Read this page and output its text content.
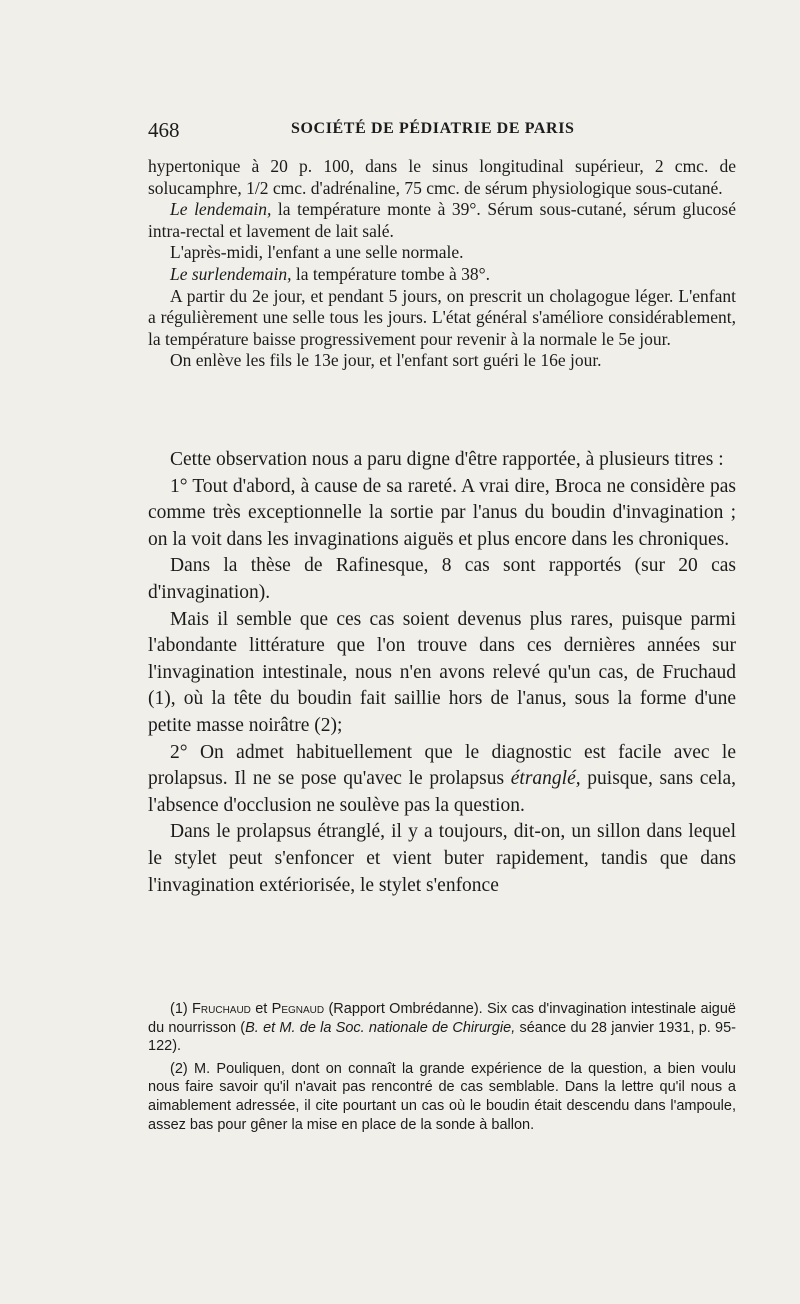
468	SOCIÉTÉ DE PÉDIATRIE DE PARIS

hypertonique à 20 p. 100, dans le sinus longitudinal supérieur, 2 cmc. de solucamphre, 1/2 cmc. d'adrénaline, 75 cmc. de sérum physiologique sous-cutané.

Le lendemain, la température monte à 39°. Sérum sous-cutané, sérum glucosé intra-rectal et lavement de lait salé.

L'après-midi, l'enfant a une selle normale.

Le surlendemain, la température tombe à 38°.

A partir du 2e jour, et pendant 5 jours, on prescrit un cholagogue léger. L'enfant a régulièrement une selle tous les jours. L'état général s'améliore considérablement, la température baisse progressivement pour revenir à la normale le 5e jour.

On enlève les fils le 13e jour, et l'enfant sort guéri le 16e jour.

Cette observation nous a paru digne d'être rapportée, à plusieurs titres :

1° Tout d'abord, à cause de sa rareté. A vrai dire, Broca ne considère pas comme très exceptionnelle la sortie par l'anus du boudin d'invagination ; on la voit dans les invaginations aiguës et plus encore dans les chroniques.

Dans la thèse de Rafinesque, 8 cas sont rapportés (sur 20 cas d'invagination).

Mais il semble que ces cas soient devenus plus rares, puisque parmi l'abondante littérature que l'on trouve dans ces dernières années sur l'invagination intestinale, nous n'en avons relevé qu'un cas, de Fruchaud (1), où la tête du boudin fait saillie hors de l'anus, sous la forme d'une petite masse noirâtre (2);

2° On admet habituellement que le diagnostic est facile avec le prolapsus. Il ne se pose qu'avec le prolapsus étranglé, puisque, sans cela, l'absence d'occlusion ne soulève pas la question.

Dans le prolapsus étranglé, il y a toujours, dit-on, un sillon dans lequel le stylet peut s'enfoncer et vient buter rapidement, tandis que dans l'invagination extériorisée, le stylet s'enfonce

(1) Fruchaud et Pegnaud (Rapport Ombrédanne). Six cas d'invagination intestinale aiguë du nourrisson (B. et M. de la Soc. nationale de Chirurgie, séance du 28 janvier 1931, p. 95-122).

(2) M. Pouliquen, dont on connaît la grande expérience de la question, a bien voulu nous faire savoir qu'il n'avait pas rencontré de cas semblable. Dans la lettre qu'il nous a aimablement adressée, il cite pourtant un cas où le boudin était descendu dans l'ampoule, assez bas pour gêner la mise en place de la sonde à ballon.
